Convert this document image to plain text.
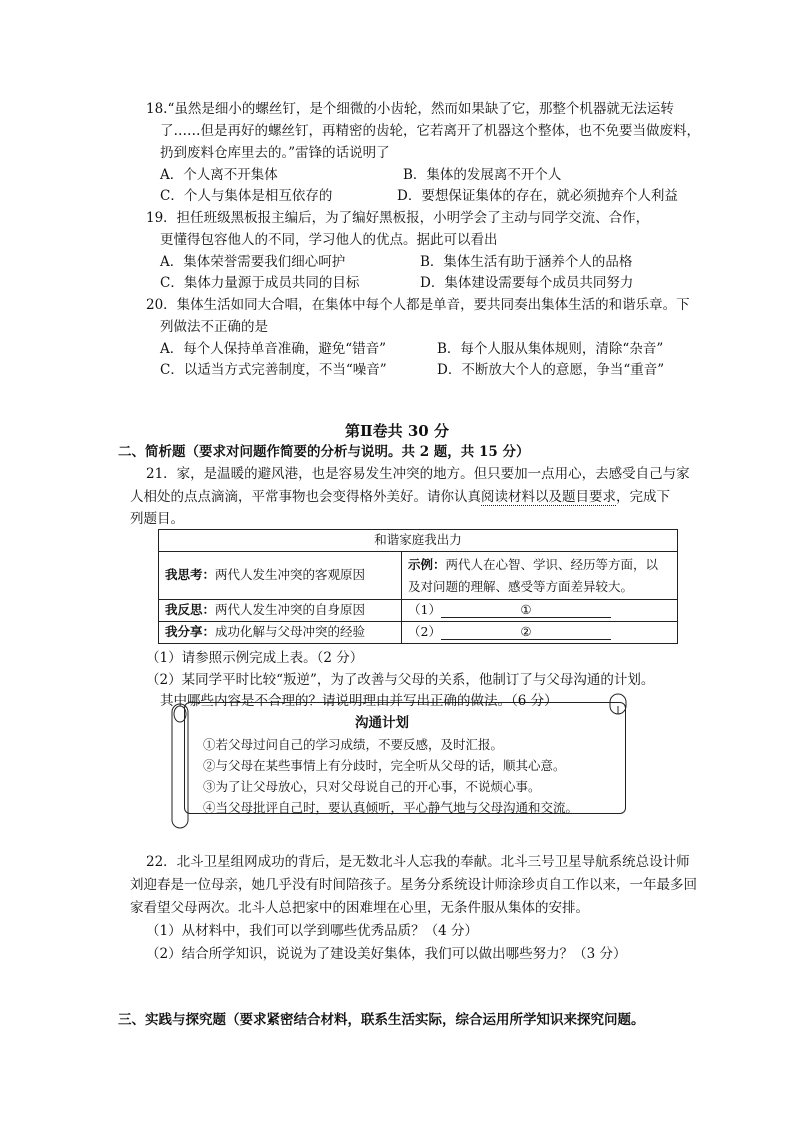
18.“虽然是细小的螺丝钉，是个细微的小齿轮，然而如果缺了它，那整个机器就无法运转
了……但是再好的螺丝钉，再精密的齿轮，它若离开了机器这个整体，也不免要当做废料，
扔到废料仓库里去的。”雷锋的话说明了
A．个人离不开集体	B．集体的发展离不开个人
C．个人与集体是相互依存的	D．要想保证集体的存在，就必须抛弃个人利益
19．担任班级黑板报主编后，为了编好黑板报，小明学会了主动与同学交流、合作，
更懂得包容他人的不同，学习他人的优点。据此可以看出
A．集体荣誉需要我们细心呵护	B．集体生活有助于涵养个人的品格
C．集体力量源于成员共同的目标	D．集体建设需要每个成员共同努力
20．集体生活如同大合唱，在集体中每个人都是单音，要共同奏出集体生活的和谐乐章。下
列做法不正确的是
A．每个人保持单音准确，避免“错音”	B．每个人服从集体规则，清除“杂音”
C．以适当方式完善制度，不当“噪音”	D．不断放大个人的意愿，争当“重音”
第Ⅱ卷共 30 分
二、简析题（要求对问题作简要的分析与说明。共 2 题，共 15 分）
21．家，是温暖的避风港，也是容易发生冲突的地方。但只要加一点用心，去感受自己与家
人相处的点点滴滴，平常事物也会变得格外美好。请你认真阅读材料以及题目要求，完成下
列题目。
和谐家庭我出力	
我思考：两代人发生冲突的客观原因	示例：两代人在心智、学识、经历等方面，以
及对问题的理解、感受等方面差异较大。
我反思：两代人发生冲突的自身原因	（1） ①
我分享：成功化解与父母冲突的经验	（2） ②
（1）请参照示例完成上表。（2 分）
（2）某同学平时比较“叛逆”，为了改善与父母的关系，他制订了与父母沟通的计划。
其中哪些内容是不合理的？请说明理由并写出正确的做法。（6 分）
沟通计划
①若父母过问自己的学习成绩，不要反感，及时汇报。
②与父母在某些事情上有分歧时，完全听从父母的话，顺其心意。
③为了让父母放心，只对父母说自己的开心事，不说烦心事。
④当父母批评自己时，要认真倾听，平心静气地与父母沟通和交流。
22．北斗卫星组网成功的背后，是无数北斗人忘我的奉献。北斗三号卫星导航系统总设计师
刘迎春是一位母亲，她几乎没有时间陪孩子。星务分系统设计师涂珍贞自工作以来，一年最多回
家看望父母两次。北斗人总把家中的困难埋在心里，无条件服从集体的安排。
（1）从材料中，我们可以学到哪些优秀品质？（4 分）
（2）结合所学知识，说说为了建设美好集体，我们可以做出哪些努力？（3 分）
三、实践与探究题（要求紧密结合材料，联系生活实际，综合运用所学知识来探究问题。
